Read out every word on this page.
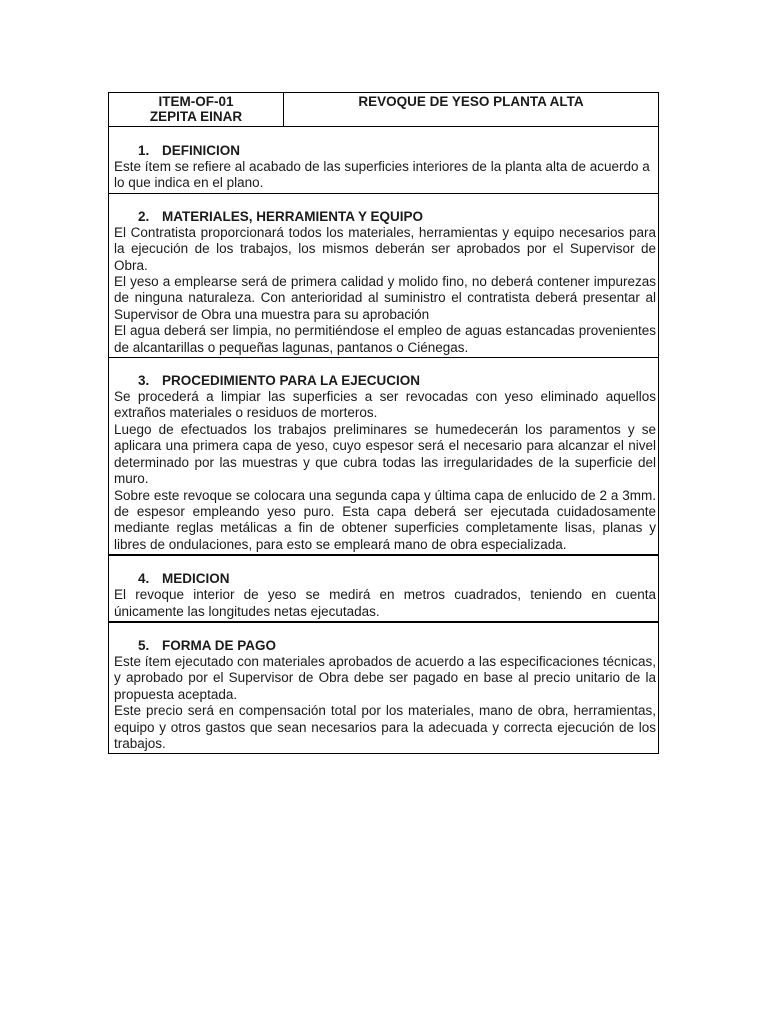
ITEM-OF-01
ZEPITA EINAR
REVOQUE DE YESO PLANTA ALTA
1. DEFINICION

Este ítem se refiere al acabado de las superficies interiores de la planta alta de acuerdo a lo que indica en el plano.

2. MATERIALES, HERRAMIENTA Y EQUIPO

El Contratista proporcionará todos los materiales, herramientas y equipo necesarios para la ejecución de los trabajos, los mismos deberán ser aprobados por el Supervisor de Obra.

El yeso a emplearse será de primera calidad y molido fino, no deberá contener impurezas de ninguna naturaleza. Con anterioridad al suministro el contratista deberá presentar al Supervisor de Obra una muestra para su aprobación

El agua deberá ser limpia, no permitiéndose el empleo de aguas estancadas provenientes de alcantarillas o pequeñas lagunas, pantanos o Ciénegas.

3. PROCEDIMIENTO PARA LA EJECUCION

Se procederá a limpiar las superficies a ser revocadas con yeso eliminado aquellos extraños materiales o residuos de morteros.

Luego de efectuados los trabajos preliminares se humedecerán los paramentos y se aplicara una primera capa de yeso, cuyo espesor será el necesario para alcanzar el nivel determinado por las muestras y que cubra todas las irregularidades de la superficie del muro.

Sobre este revoque se colocara una segunda capa y última capa de enlucido de 2 a 3mm. de espesor empleando yeso puro. Esta capa deberá ser ejecutada cuidadosamente mediante reglas metálicas a fin de obtener superficies completamente lisas, planas y libres de ondulaciones, para esto se empleará mano de obra especializada.

4. MEDICION

El revoque interior de yeso se medirá en metros cuadrados, teniendo en cuenta únicamente las longitudes netas ejecutadas.

5. FORMA DE PAGO

Este ítem ejecutado con materiales aprobados de acuerdo a las especificaciones técnicas, y aprobado por el Supervisor de Obra debe ser pagado en base al precio unitario de la propuesta aceptada.

Este precio será en compensación total por los materiales, mano de obra, herramientas, equipo y otros gastos que sean necesarios para la adecuada y correcta ejecución de los trabajos.
